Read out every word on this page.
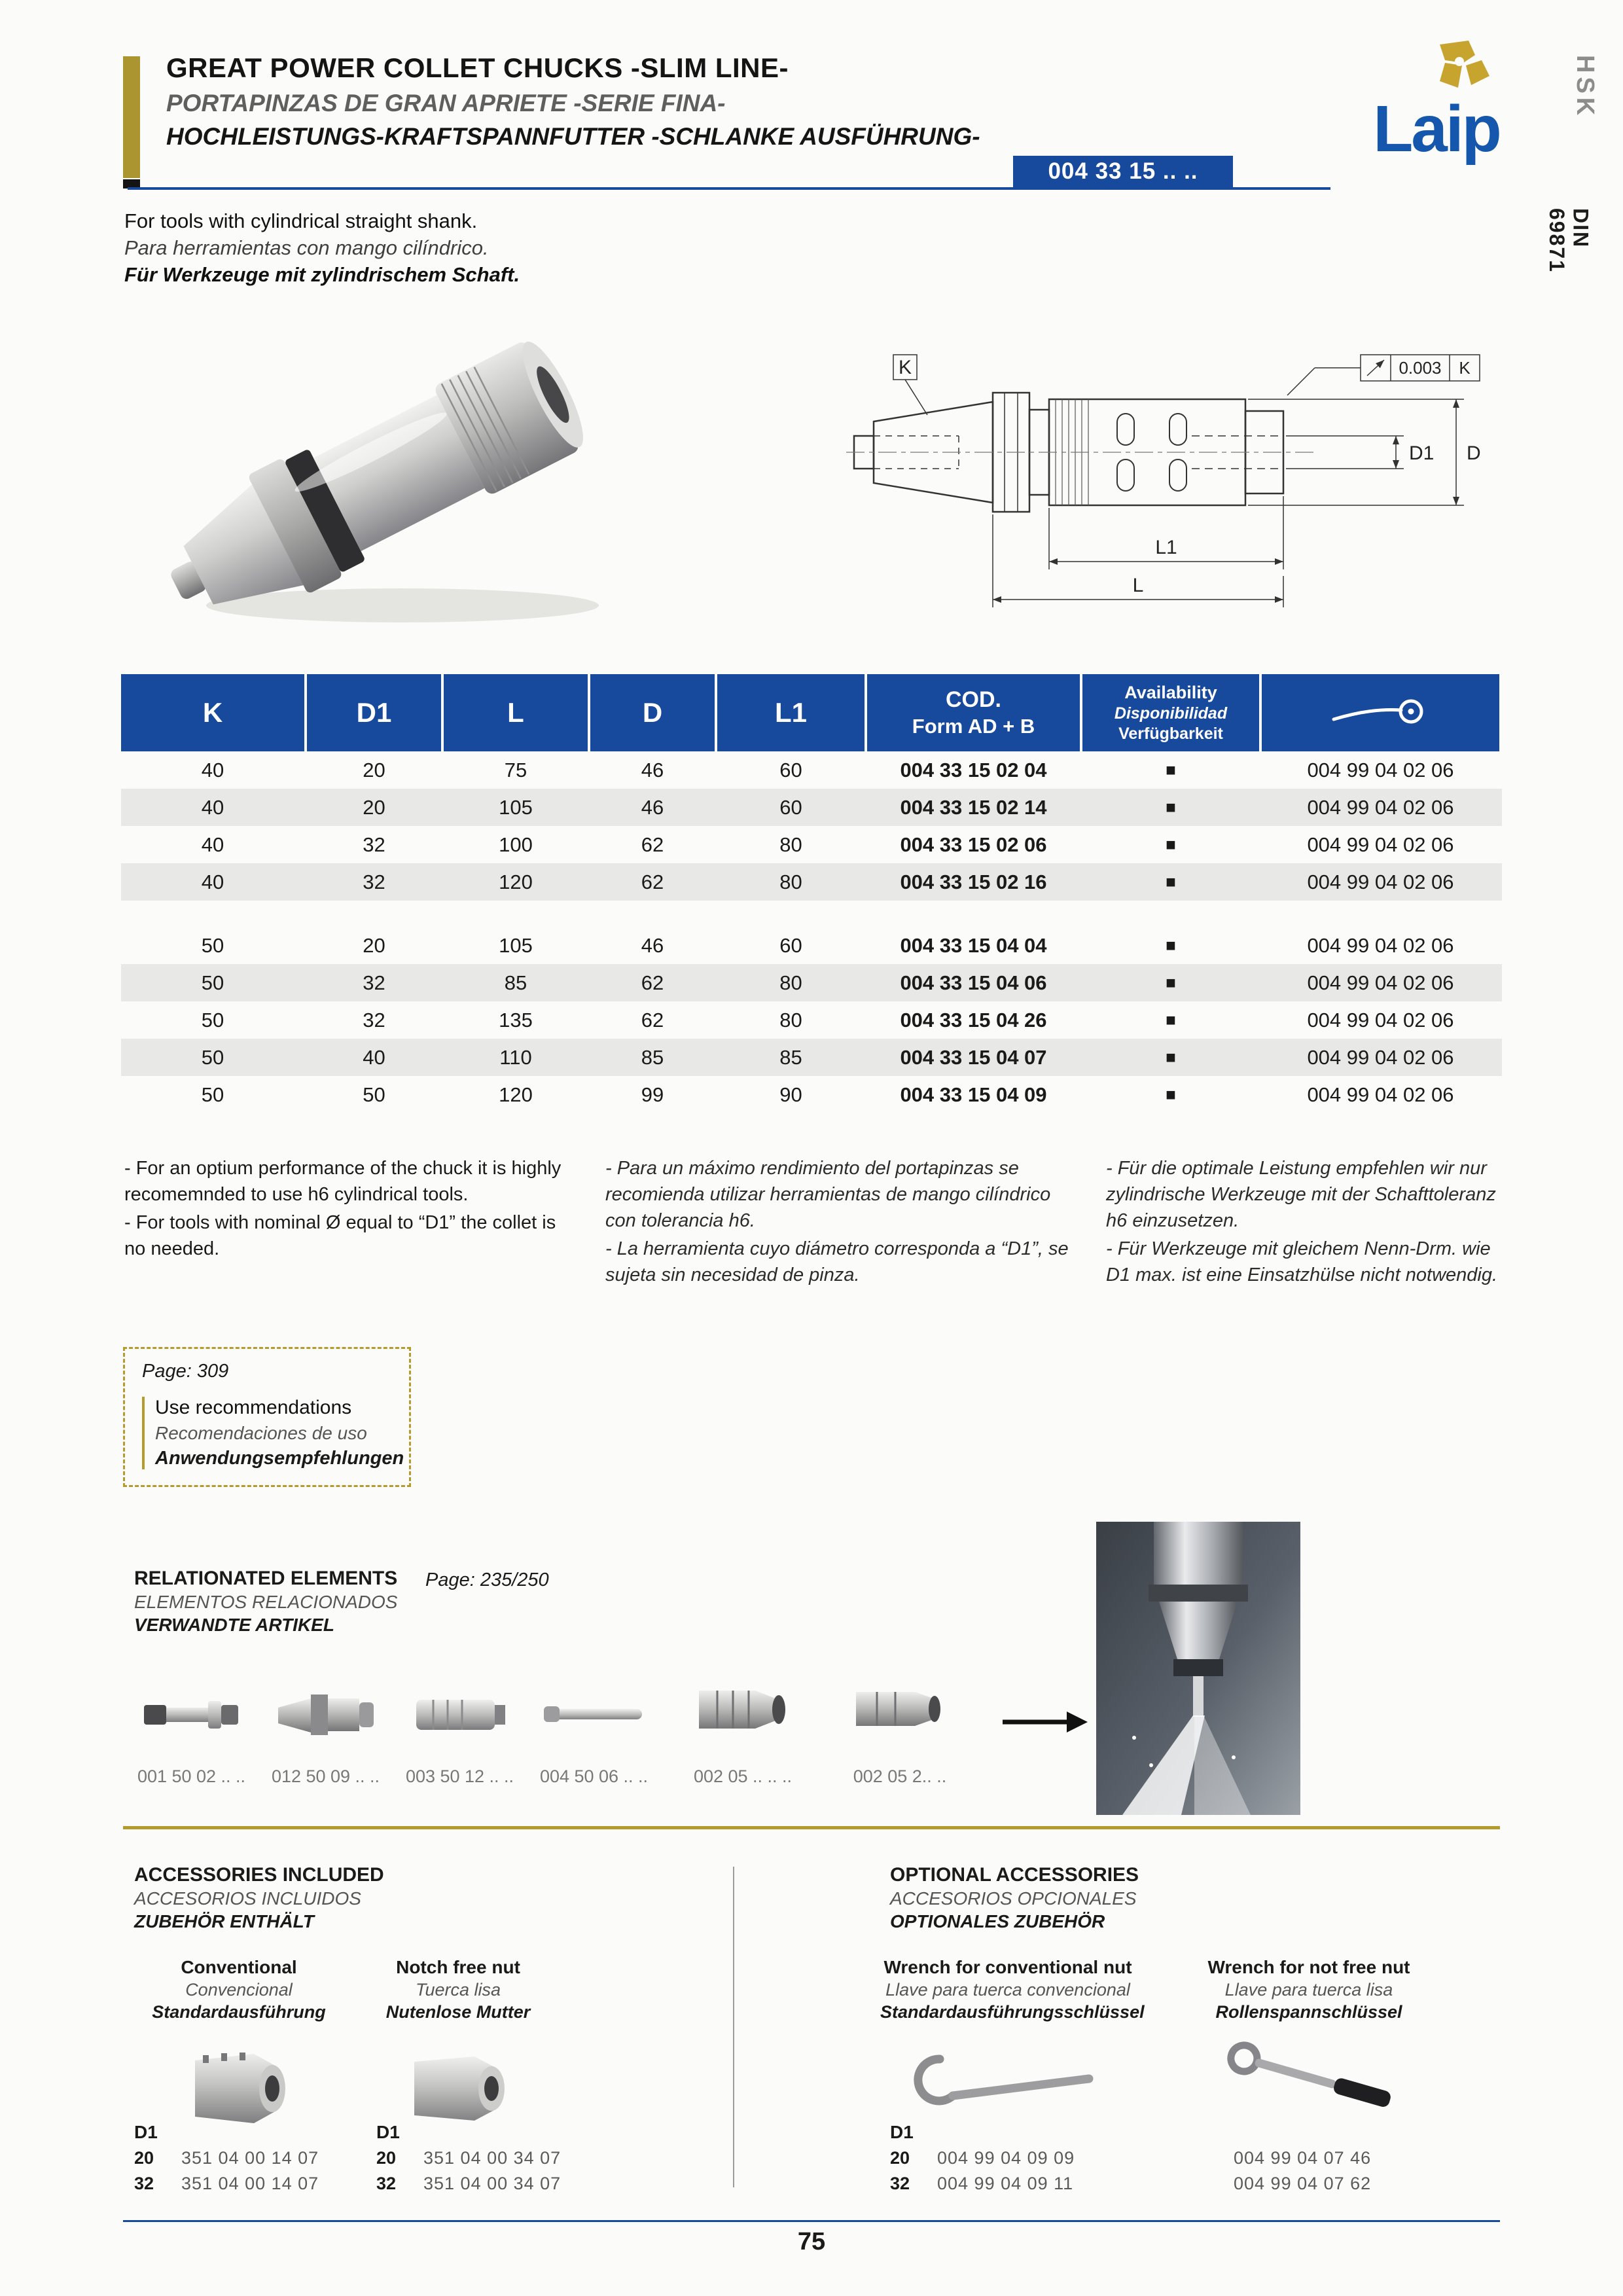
GREAT POWER COLLET CHUCKS -SLIM LINE-
PORTAPINZAS DE GRAN APRIETE -SERIE FINA-
HOCHLEISTUNGS-KRAFTSPANNFUTTER -SCHLANKE AUSFÜHRUNG-
004 33 15 .. ..
Laip
HSK
DIN
69871
For tools with cylindrical straight shank.
Para herramientas con mango cilíndrico.
Für Werkzeuge mit zylindrischem Schaft.
K
D1 D
L1
L
0.003 K
K	D1	L	D	L1	COD.
Form AD + B
Availability
Disponibilidad
Verfügbarkeit
40	20	75	46	60	004 33 15 02 04	■	004 99 04 02 06
40	20	105	46	60	004 33 15 02 14	■	004 99 04 02 06
40	32	100	62	80	004 33 15 02 06	■	004 99 04 02 06
40	32	120	62	80	004 33 15 02 16	■	004 99 04 02 06
50	20	105	46	60	004 33 15 04 04	■	004 99 04 02 06
50	32	85	62	80	004 33 15 04 06	■	004 99 04 02 06
50	32	135	62	80	004 33 15 04 26	■	004 99 04 02 06
50	40	110	85	85	004 33 15 04 07	■	004 99 04 02 06
50	50	120	99	90	004 33 15 04 09	■	004 99 04 02 06

- For an optium performance of the chuck it is highly recomemnded to use h6 cylindrical tools.

- For tools with nominal Ø equal to “D1” the collet is no needed.

- Para un máximo rendimiento del portapinzas se recomienda utilizar herramientas de mango cilíndrico con tolerancia h6.

- La herramienta cuyo diámetro corresponda a “D1”, se sujeta sin necesidad de pinza.

- Für die optimale Leistung empfehlen wir nur zylindrische Werkzeuge mit der Schafttoleranz h6 einzusetzen.

- Für Werkzeuge mit gleichem Nenn-Drm. wie D1 max. ist eine Einsatzhülse nicht notwendig.

Page: 309
Use recommendations
Recomendaciones de uso
Anwendungsempfehlungen
RELATIONATED ELEMENTS
ELEMENTOS RELACIONADOS
VERWANDTE ARTIKEL
Page: 235/250
001 50 02 .. ..	012 50 09 .. ..	003 50 12 .. ..	004 50 06 .. ..	002 05 .. .. ..	002 05 2.. ..
ACCESSORIES INCLUDED
ACCESORIOS INCLUIDOS
ZUBEHÖR ENTHÄLT
Conventional
Convencional
Standardausführung
Notch free nut
Tuerca lisa
Nutenlose Mutter
D1
20	351 04 00 14 07
32	351 04 00 14 07
D1
20	351 04 00 34 07
32	351 04 00 34 07
OPTIONAL ACCESSORIES
ACCESORIOS OPCIONALES
OPTIONALES ZUBEHÖR
Wrench for conventional nut
Llave para tuerca convencional
Standardausführungsschlüssel
Wrench for not free nut
Llave para tuerca lisa
Rollenspannschlüssel
D1
20	004 99 04 09 09
32	004 99 04 09 11
004 99 04 07 46
004 99 04 07 62
75
